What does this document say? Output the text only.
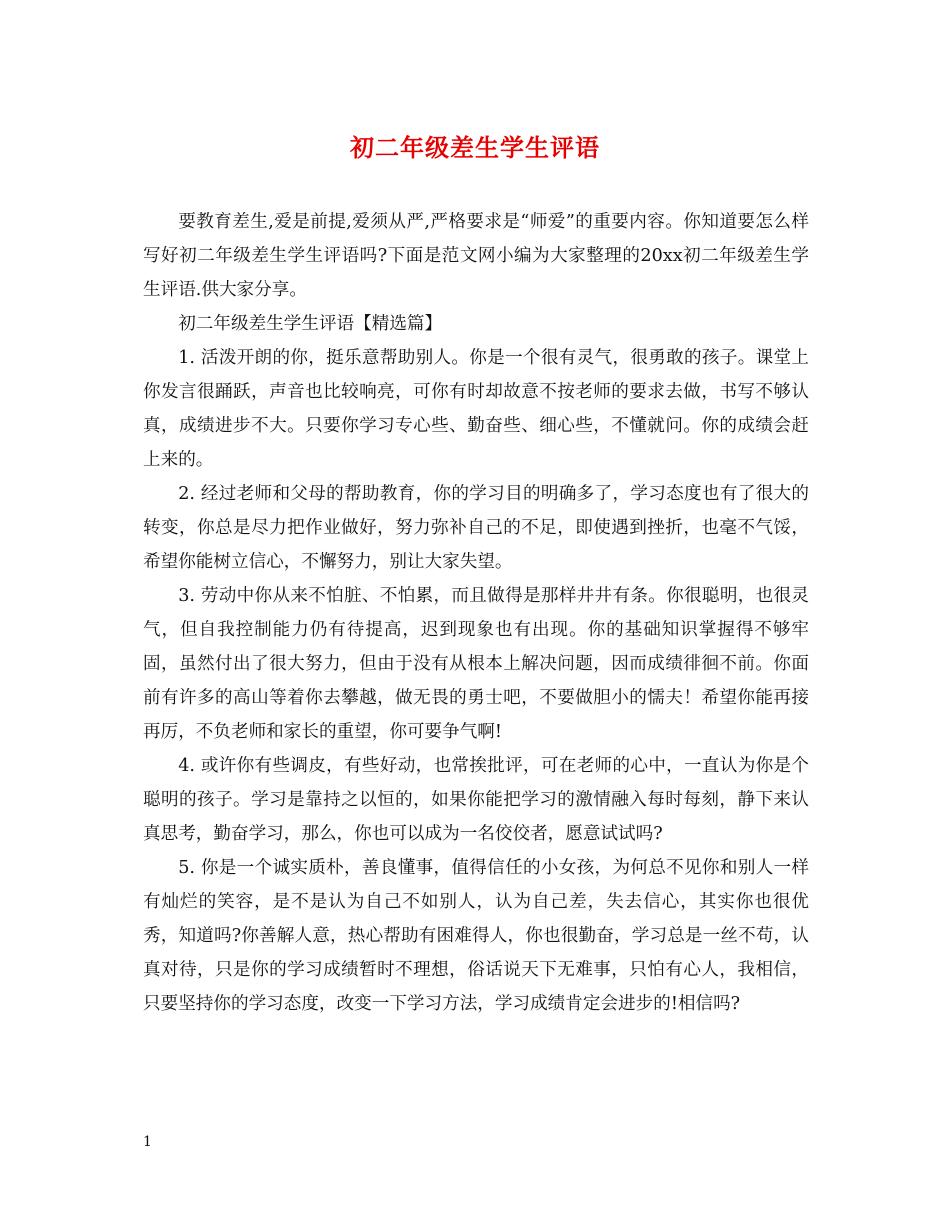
初二年级差生学生评语

要教育差生,爱是前提,爱须从严,严格要求是“师爱”的重要内容。你知道要怎么样写好初二年级差生学生评语吗?下面是范文网小编为大家整理的20xx初二年级差生学生评语.供大家分享。

初二年级差生学生评语【精选篇】

1. 活泼开朗的你，挺乐意帮助别人。你是一个很有灵气，很勇敢的孩子。课堂上你发言很踊跃，声音也比较响亮，可你有时却故意不按老师的要求去做，书写不够认真，成绩进步不大。只要你学习专心些、勤奋些、细心些，不懂就问。你的成绩会赶上来的。

2. 经过老师和父母的帮助教育，你的学习目的明确多了，学习态度也有了很大的转变，你总是尽力把作业做好，努力弥补自己的不足，即使遇到挫折，也毫不气馁，希望你能树立信心，不懈努力，别让大家失望。

3. 劳动中你从来不怕脏、不怕累，而且做得是那样井井有条。你很聪明，也很灵气，但自我控制能力仍有待提高，迟到现象也有出现。你的基础知识掌握得不够牢固，虽然付出了很大努力，但由于没有从根本上解决问题，因而成绩徘徊不前。你面前有许多的高山等着你去攀越，做无畏的勇士吧，不要做胆小的懦夫！希望你能再接再厉，不负老师和家长的重望，你可要争气啊!

4. 或许你有些调皮，有些好动，也常挨批评，可在老师的心中，一直认为你是个聪明的孩子。学习是靠持之以恒的，如果你能把学习的激情融入每时每刻，静下来认真思考，勤奋学习，那么，你也可以成为一名佼佼者，愿意试试吗?

5. 你是一个诚实质朴，善良懂事，值得信任的小女孩，为何总不见你和别人一样有灿烂的笑容，是不是认为自己不如别人，认为自己差，失去信心，其实你也很优秀，知道吗?你善解人意，热心帮助有困难得人，你也很勤奋，学习总是一丝不苟，认真对待，只是你的学习成绩暂时不理想，俗话说天下无难事，只怕有心人，我相信，只要坚持你的学习态度，改变一下学习方法，学习成绩肯定会进步的!相信吗?

1
